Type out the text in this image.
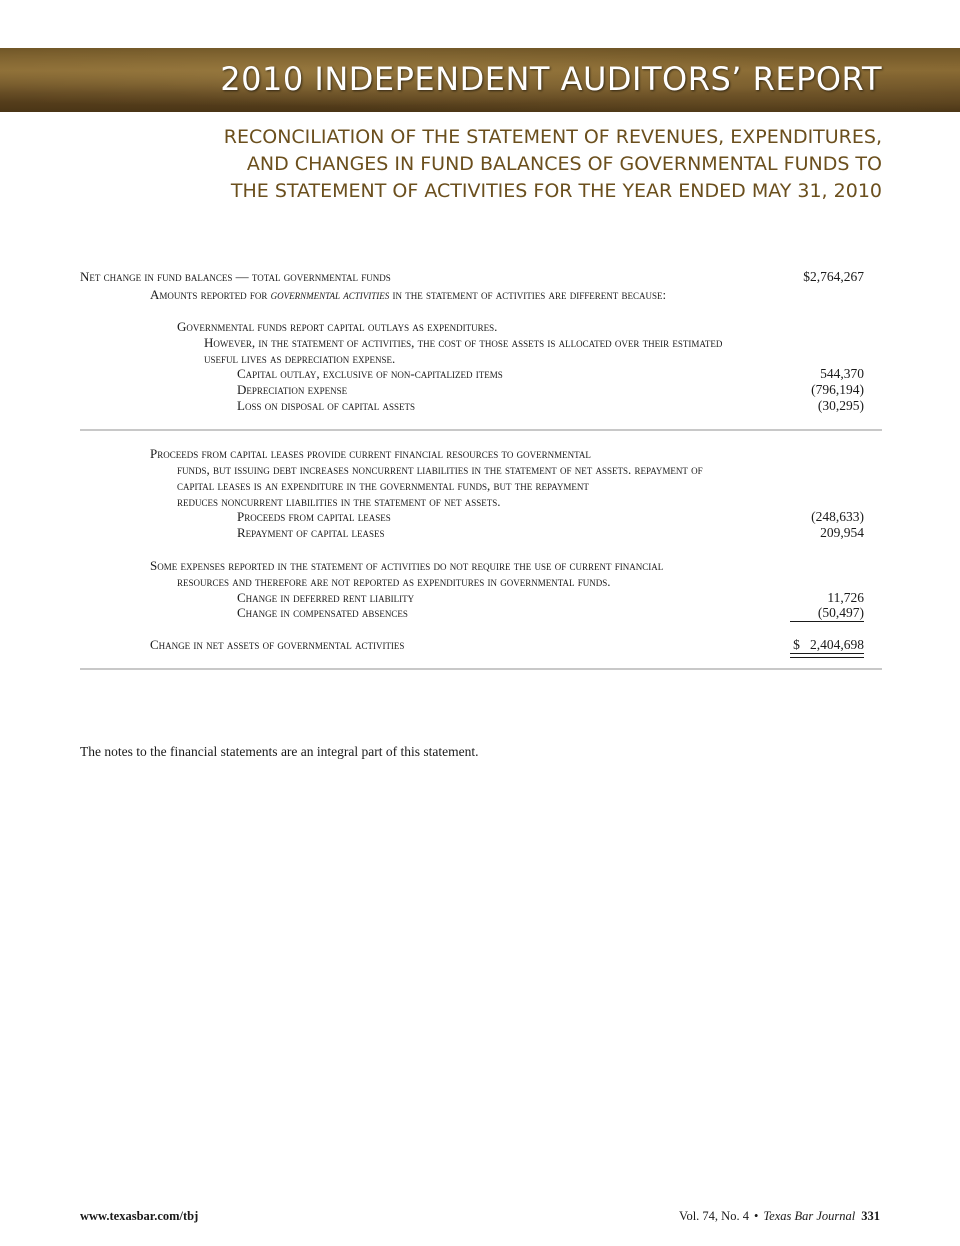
2010 INDEPENDENT AUDITORS’ REPORT
RECONCILIATION OF THE STATEMENT OF REVENUES, EXPENDITURES,
AND CHANGES IN FUND BALANCES OF GOVERNMENTAL FUNDS TO
THE STATEMENT OF ACTIVITIES FOR THE YEAR ENDED MAY 31, 2010
Net change in fund balances — total governmental funds	$2,764,267
Amounts reported for governmental activities in the statement of activities are different because:
Governmental funds report capital outlays as expenditures.
However, in the statement of activities, the cost of those assets is allocated over their estimated
useful lives as depreciation expense.
Capital outlay, exclusive of non-capitalized items	544,370
Depreciation expense	(796,194)
Loss on disposal of capital assets	(30,295)
Proceeds from capital leases provide current financial resources to governmental
funds, but issuing debt increases noncurrent liabilities in the statement of net assets. repayment of
capital leases is an expenditure in the governmental funds, but the repayment
reduces noncurrent liabilities in the statement of net assets.
Proceeds from capital leases	(248,633)
Repayment of capital leases	209,954
Some expenses reported in the statement of activities do not require the use of current financial
resources and therefore are not reported as expenditures in governmental funds.
Change in deferred rent liability	11,726
Change in compensated absences	(50,497)
Change in net assets of governmental activities	$   2,404,698
The notes to the financial statements are an integral part of this statement.
www.texasbar.com/tbj	Vol. 74, No. 4 • Texas Bar Journal 331
